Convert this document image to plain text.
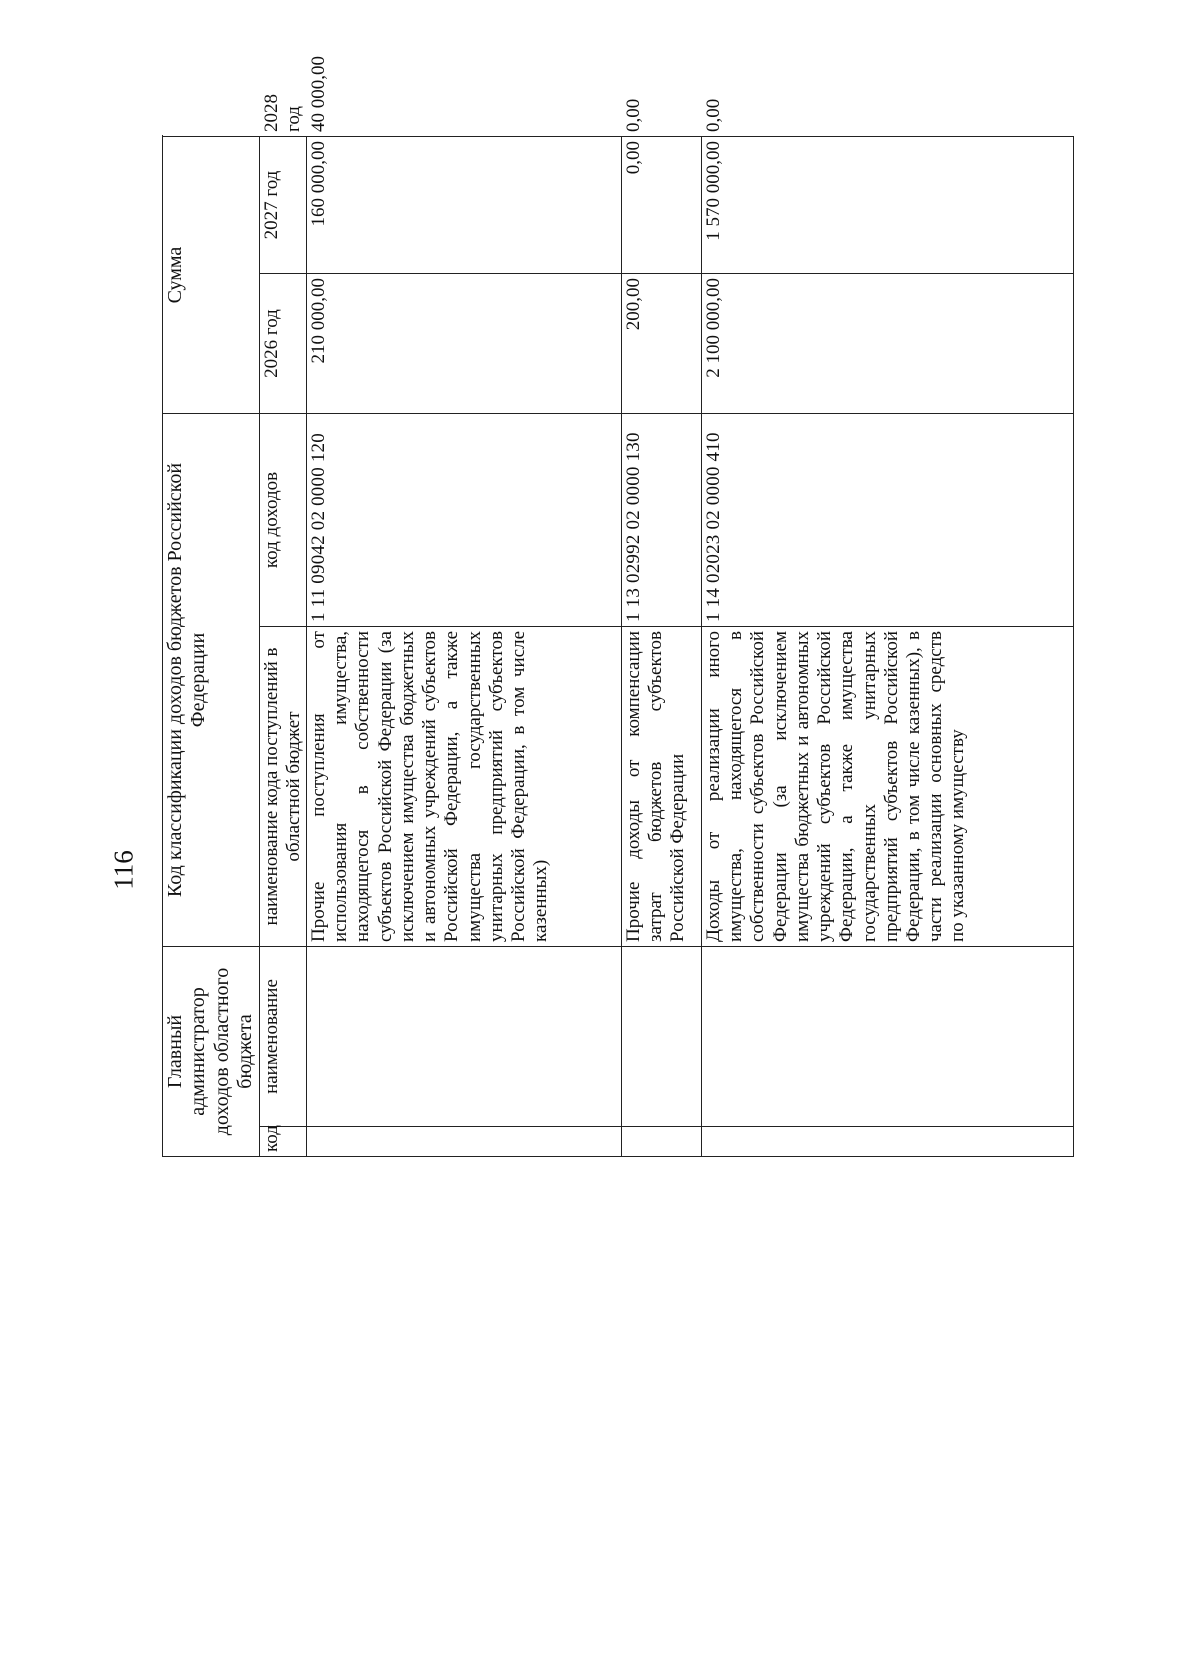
116
Главный администратор доходов областного бюджета		Код классификации доходов бюджетов Российской Федерации		Сумма		
код	наименование	наименование кода поступлений в областной бюджет	код доходов	2026 год	2027 год	2028 год
		Прочие поступления от использования имущества, находящегося в собственности субъектов Российской Федерации (за исключением имущества бюджетных и автономных учреждений субъектов Российской Федерации, а также имущества государственных унитарных предприятий субъектов Российской Федерации, в том числе казенных)	1 11 09042 02 0000 120	210 000,00	160 000,00	40 000,00
		Прочие доходы от компенсации затрат бюджетов субъектов Российской Федерации	1 13 02992 02 0000 130	200,00	0,00	0,00
		Доходы от реализации иного имущества, находящегося в собственности субъектов Российской Федерации (за исключением имущества бюджетных и автономных учреждений субъектов Российской Федерации, а также имущества государственных унитарных предприятий субъектов Российской Федерации, в том числе казенных), в части реализации основных средств по указанному имуществу	1 14 02023 02 0000 410	2 100 000,00	1 570 000,00	0,00
